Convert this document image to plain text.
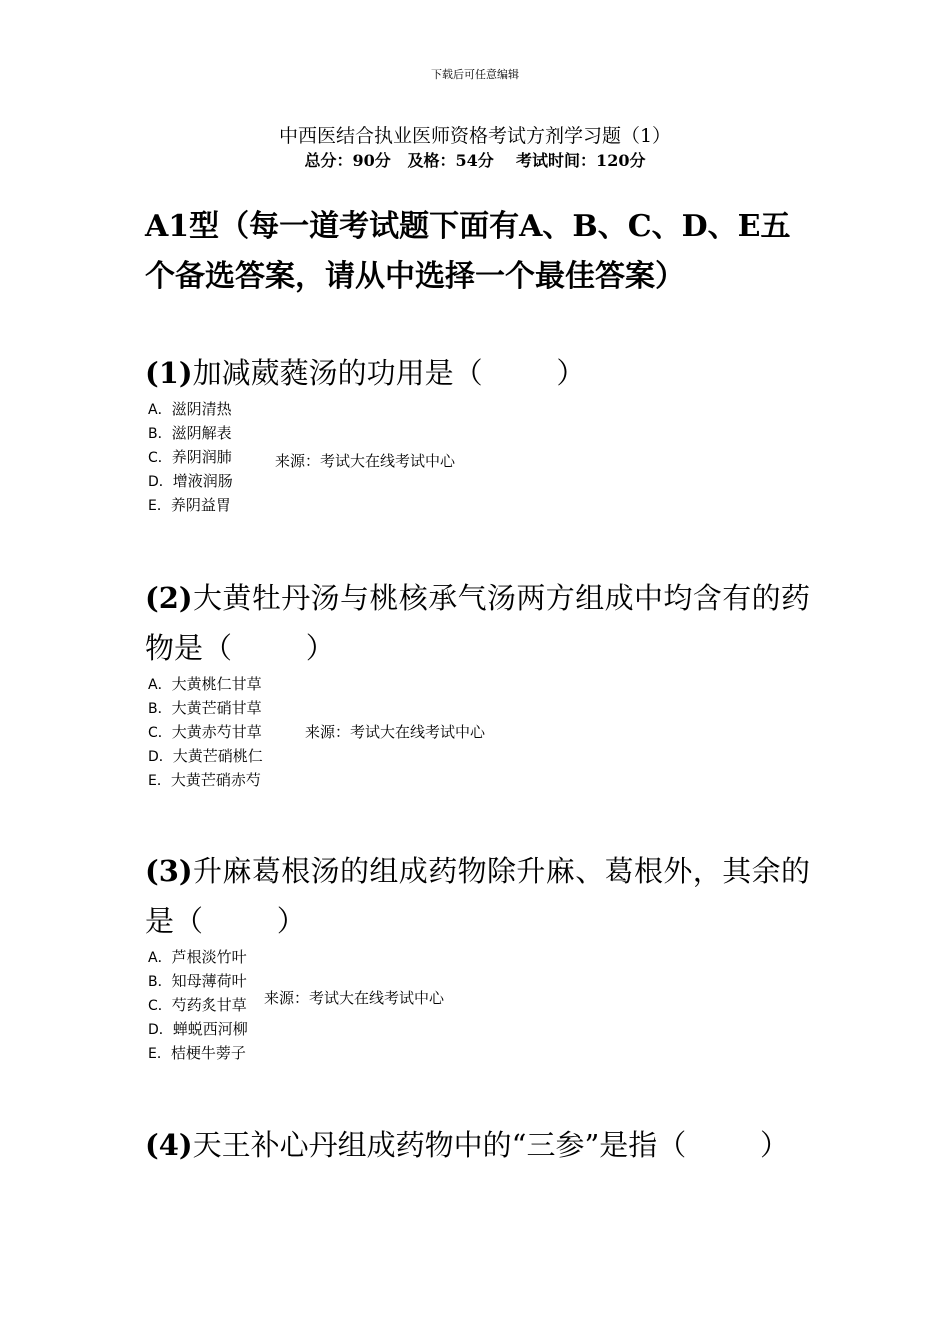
下载后可任意编辑
中西医结合执业医师资格考试方剂学习题（1）
总分：90分   及格：54分    考试时间：120分
A1型（每一道考试题下面有A、B、C、D、E五个备选答案，请从中选择一个最佳答案）
(1)加减葳蕤汤的功用是（        ）
A．滋阴清热
B．滋阴解表
C．养阴润肺
D．增液润肠
E．养阴益胃
来源：考试大在线考试中心
(2)大黄牡丹汤与桃核承气汤两方组成中均含有的药物是（        ）
A．大黄桃仁甘草
B．大黄芒硝甘草
C．大黄赤芍甘草
D．大黄芒硝桃仁
E．大黄芒硝赤芍
来源：考试大在线考试中心
(3)升麻葛根汤的组成药物除升麻、葛根外，其余的是（        ）
A．芦根淡竹叶
B．知母薄荷叶
C．芍药炙甘草
D．蝉蜕西河柳
E．桔梗牛蒡子
来源：考试大在线考试中心
(4)天王补心丹组成药物中的“三参”是指（        ）
